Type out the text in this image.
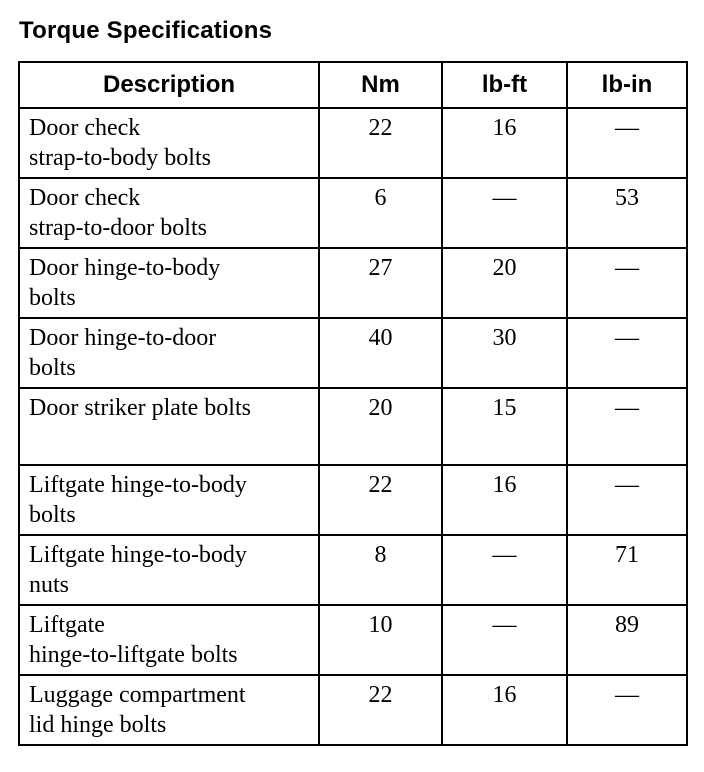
Torque Specifications
Description	Nm	lb-ft	lb-in

Door check
strap-to-body bolts	22	16	—

Door check
strap-to-door bolts	6	—	53

Door hinge-to-body
bolts	27	20	—

Door hinge-to-door
bolts	40	30	—

Door striker plate bolts	20	15	—

Liftgate hinge-to-body
bolts	22	16	—

Liftgate hinge-to-body
nuts	8	—	71

Liftgate
hinge-to-liftgate bolts	10	—	89

Luggage compartment
lid hinge bolts	22	16	—
